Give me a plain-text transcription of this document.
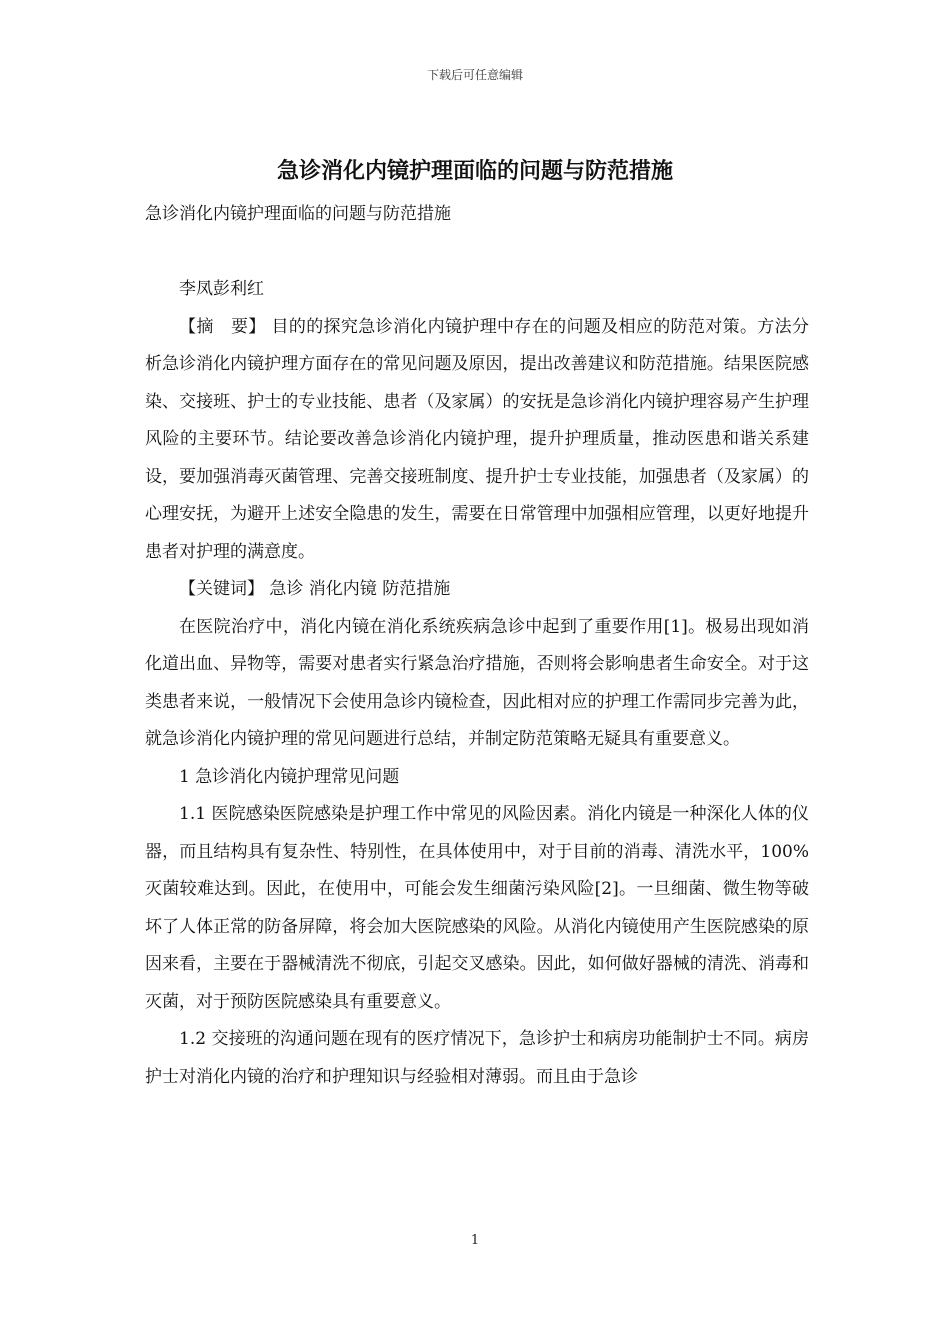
下载后可任意编辑
急诊消化内镜护理面临的问题与防范措施

急诊消化内镜护理面临的问题与防范措施

李凤彭利红

【摘　要】 目的的探究急诊消化内镜护理中存在的问题及相应的防范对策。方法分析急诊消化内镜护理方面存在的常见问题及原因，提出改善建议和防范措施。结果医院感染、交接班、护士的专业技能、患者（及家属）的安抚是急诊消化内镜护理容易产生护理风险的主要环节。结论要改善急诊消化内镜护理，提升护理质量，推动医患和谐关系建设，要加强消毒灭菌管理、完善交接班制度、提升护士专业技能，加强患者（及家属）的心理安抚，为避开上述安全隐患的发生，需要在日常管理中加强相应管理，以更好地提升患者对护理的满意度。

【关键词】 急诊 消化内镜 防范措施

在医院治疗中，消化内镜在消化系统疾病急诊中起到了重要作用[1]。极易出现如消化道出血、异物等，需要对患者实行紧急治疗措施，否则将会影响患者生命安全。对于这类患者来说，一般情况下会使用急诊内镜检查，因此相对应的护理工作需同步完善为此，就急诊消化内镜护理的常见问题进行总结，并制定防范策略无疑具有重要意义。

1 急诊消化内镜护理常见问题

1.1 医院感染医院感染是护理工作中常见的风险因素。消化内镜是一种深化人体的仪器，而且结构具有复杂性、特别性，在具体使用中，对于目前的消毒、清洗水平，100%灭菌较难达到。因此，在使用中，可能会发生细菌污染风险[2]。一旦细菌、微生物等破坏了人体正常的防备屏障，将会加大医院感染的风险。从消化内镜使用产生医院感染的原因来看，主要在于器械清洗不彻底，引起交叉感染。因此，如何做好器械的清洗、消毒和灭菌，对于预防医院感染具有重要意义。

1.2 交接班的沟通问题在现有的医疗情况下，急诊护士和病房功能制护士不同。病房护士对消化内镜的治疗和护理知识与经验相对薄弱。而且由于急诊

1
